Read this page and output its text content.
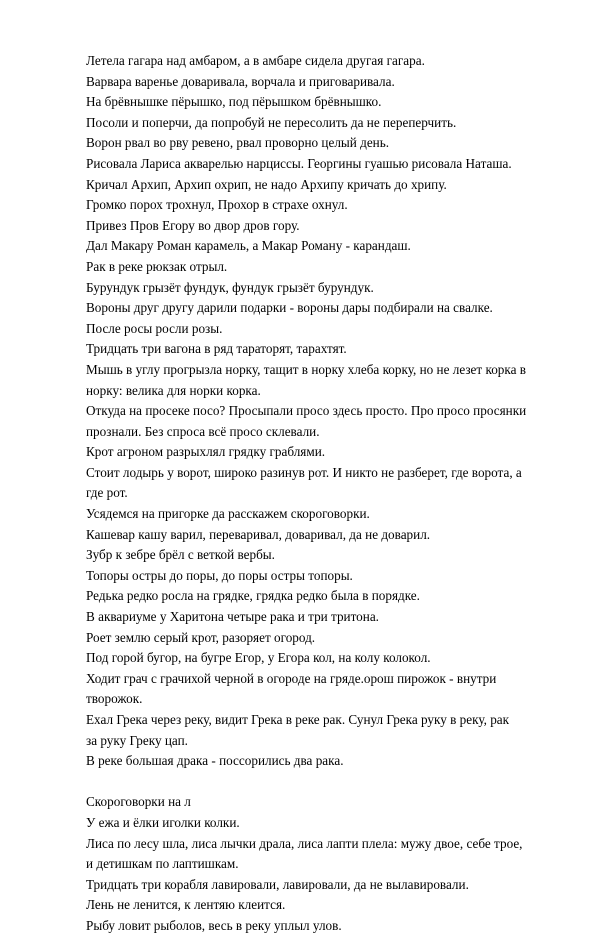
Летела гагара над амбаром, а в амбаре сидела другая гагара.
Варвара варенье доваривала, ворчала и приговаривала.
На брёвнышке пёрышко, под пёрышком брёвнышко.
Посоли и поперчи, да попробуй не пересолить да не переперчить.
Ворон рвал во рву ревено, рвал проворно целый день.
Рисовала Лариса акварелью нарциссы. Георгины гуашью рисовала Наташа.
Кричал Архип, Архип охрип, не надо Архипу кричать до хрипу.
Громко порох трохнул, Прохор в страхе охнул.
Привез Пров Егору во двор дров гору.
Дал Макару Роман карамель, а Макар Роману - карандаш.
Рак в реке рюкзак отрыл.
Бурундук грызёт фундук, фундук грызёт бурундук.
Вороны друг другу дарили подарки - вороны дары подбирали на свалке.
После росы росли розы.
Тридцать три вагона в ряд тараторят, тарахтят.
Мышь в углу прогрызла норку, тащит в норку хлеба корку, но не лезет корка в
норку: велика для норки корка.
Откуда на просеке посо? Просыпали просо здесь просто. Про просо просянки
прознали. Без спроса всё просо склевали.
Крот агроном разрыхлял грядку граблями.
Стоит лодырь у ворот, широко разинув рот. И никто не разберет, где ворота, а
где рот.
Усядемся на пригорке да расскажем скороговорки.
Кашевар кашу варил, переваривал, доваривал, да не доварил.
Зубр к зебре брёл с веткой вербы.
Топоры остры до поры, до поры остры топоры.
Редька редко росла на грядке, грядка редко была в порядке.
В аквариуме у Харитона четыре рака и три тритона.
Роет землю серый крот, разоряет огород.
Под горой бугор, на бугре Егор, у Егора кол, на колу колокол.
Ходит грач с грачихой черной в огороде на гряде.орош пирожок - внутри
творожок.
Ехал Грека через реку, видит Грека в реке рак. Сунул Грека руку в реку, рак
за руку Греку цап.
В реке большая драка - поссорились два рака.
Скороговорки на л
У ежа и ёлки иголки колки.
Лиса по лесу шла, лиса лычки драла, лиса лапти плела: мужу двое, себе трое,
и детишкам по лаптишкам.
Тридцать три корабля лавировали, лавировали, да не вылавировали.
Лень не ленится, к лентяю клеится.
Рыбу ловит рыболов, весь в реку уплыл улов.
